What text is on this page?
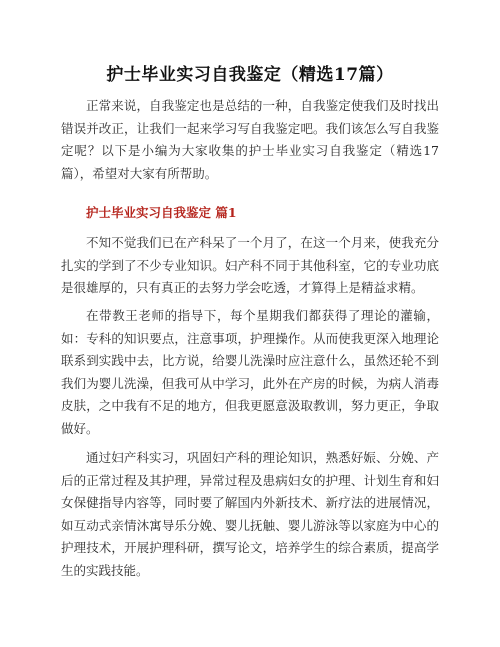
护士毕业实习自我鉴定（精选17篇）

正常来说，自我鉴定也是总结的一种，自我鉴定使我们及时找出错误并改正，让我们一起来学习写自我鉴定吧。我们该怎么写自我鉴定呢？以下是小编为大家收集的护士毕业实习自我鉴定（精选17篇），希望对大家有所帮助。

护士毕业实习自我鉴定 篇1

不知不觉我们已在产科呆了一个月了，在这一个月来，使我充分扎实的学到了不少专业知识。妇产科不同于其他科室，它的专业功底是很雄厚的，只有真正的去努力学会吃透，才算得上是精益求精。

在带教王老师的指导下，每个星期我们都获得了理论的灌输，如：专科的知识要点，注意事项，护理操作。从而使我更深入地理论联系到实践中去，比方说，给婴儿洗澡时应注意什么，虽然还轮不到我们为婴儿洗澡，但我可从中学习，此外在产房的时候，为病人消毒皮肤，之中我有不足的地方，但我更愿意汲取教训，努力更正，争取做好。

通过妇产科实习，巩固妇产科的理论知识，熟悉好娠、分娩、产后的正常过程及其护理，异常过程及患病妇女的护理、计划生育和妇女保健指导内容等，同时要了解国内外新技术、新疗法的进展情况，如互动式亲情沐寓导乐分娩、婴儿抚触、婴儿游泳等以家庭为中心的护理技术，开展护理科研，撰写论文，培养学生的综合素质，提高学生的实践技能。
